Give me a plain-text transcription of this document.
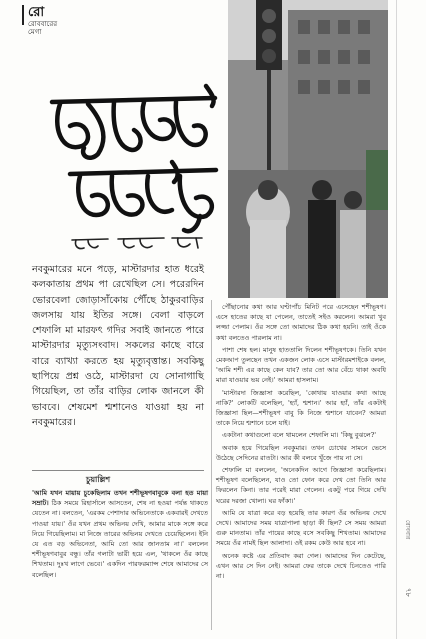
রো
রোববারের
মেগা
নবকুমারের মনে পড়ে, মাস্টারদার হাত ধরেই কলকাতায় প্রথম পা রেখেছিল সে। পরেরদিন ভোরবেলা জোড়াসাঁকোয় পৌঁছে ঠাকুরবাড়ির জলসায় যায় ইতির সঙ্গে। বেলা বাড়লে শেফালি মা মারফৎ গদির সবাই জানতে পারে মাস্টারদার মৃত্যুসংবাদ। সকলের কাছে বারে বারে ব্যাখ্যা করতে হয় মৃত্যুবৃত্তান্ত। সবকিছু ছাপিয়ে প্রশ্ন ওঠে, মাস্টারদা যে সোনাগাছি গিয়েছিল, তা তাঁর বাড়ির লোক জানলে কী ভাববে। শেষমেশ শ্মশানেও যাওয়া হয় না নবকুমারের।
চুয়াল্লিশ
'আমি যখন মায়ায় চুকেছিলাম তখন শশীভূষণবাবুকে বলা হত মায়া সম্রাট। ঠিক সময়ে রিহার্সালে আসতেন, শেষ না হওয়া পর্যন্ত থাকতে যেতেন না। বলতেন, 'এরকম পেশাদার অভিনেতাকে একবারই দেখতে পাওয়া যায়।' ওঁর যখন প্রথম অভিনয় দেখি, আমার মাকে সঙ্গে করে নিয়ে গিয়েছিলাম। মা নিজে তারের অভিনয় দেখতে চেয়েছিলেন। ইনি যে এত বড় অভিনেতা, আমি তো আর জানতাম না।' বললেন শশীভূষণবাবুর বন্ধু। তাঁর গলাটা ভারী হয়ে এল, 'থাকলে ওঁর কাছে শিখতাম। দুঃখ লাগে ভেবে।' একদিন পারফরম্যান্স শেষে আমাদের সে বলেছিল।

পৌঁছানোর কথা আর ঘণ্টাপাঁচ মিনিট পরে এসেছেন শশীভূষণ। এসে হাতের কাছে যা পেলেন, তাতেই সইও করলেন। আমরা খুব লজ্জা পেলাম। ওঁর সঙ্গে তো আমাদের ঠিক কথা হয়নি। তাই ওঁকে কথা বলতেও পারলাম না।

পাশা শেষ হল। মানুষ হাততালি দিলেন শশীভূষণকে। তিনি যখন মেকআপ তুলছেন তখন একজন লোক এসে মাস্টারমশাইকে বলল, 'আমি শশী এর কাছে কেন যাব? তার তো আর বেঁচে থাকা অবধি মারা যাওয়ার ভয় নেই।' আমরা হাসলাম।

'মাস্টারদা জিজ্ঞাসা করেছিল, 'কোথায় যাওয়ার কথা আছে নাকি?' লোকটি বলেছিল, 'হ্যাঁ, শ্মশান।' আর হ্যাঁ, তাঁর একটাই জিজ্ঞাসা ছিল—শশীভূষণ বাবু কি নিজে শ্মশানে যাবেন? আমরা তাকে নিয়ে শ্মশানে চলে যাই।

একটানা কথাগুলো বলে থামলেন শেফালি মা। 'কিছু বুঝলে?'

অবাক হয়ে গিয়েছিল নবকুমার। তখন চোখের সামনে ভেসে উঠেছে সেদিনের রাতটা। আর কী বলবে খুঁজে পায় না সে।

শেফালি মা বললেন, 'অনেকদিন আগে জিজ্ঞাসা করেছিলাম। শশীভূষণ বলেছিলেন, যাও তো ফোন করে দেখ তো তিনি আর ফিরলেন কিনা। তার পরেই মারা গেলেন। একটু পরে গিয়ে দেখি ঘরের দরজা খোলা। ঘর ফাঁকা।'

আমি যে যাত্রা করে বড় হয়েছি তার কারণ ওঁর অভিনয় দেখে দেখে। আমাদের সময় যাত্রাপালা ছাড়া কী ছিল? সে সময় আমরা গুরু মানতাম। তাঁর পায়ের কাছে বসে সবকিছু শিখতাম। আমাদের সময়ে ওঁর নামই ছিল আলাদা। ওই রকম কেউ আর হবে না।

অনেক কষ্টে এর প্রতিবাদ করা গেল। আমাদের দিন কেটেছে, এখন আর সে দিন নেই। আমরা ফের তাকে দেখে চিনতেও পারি না।

রোববার
৭৮
